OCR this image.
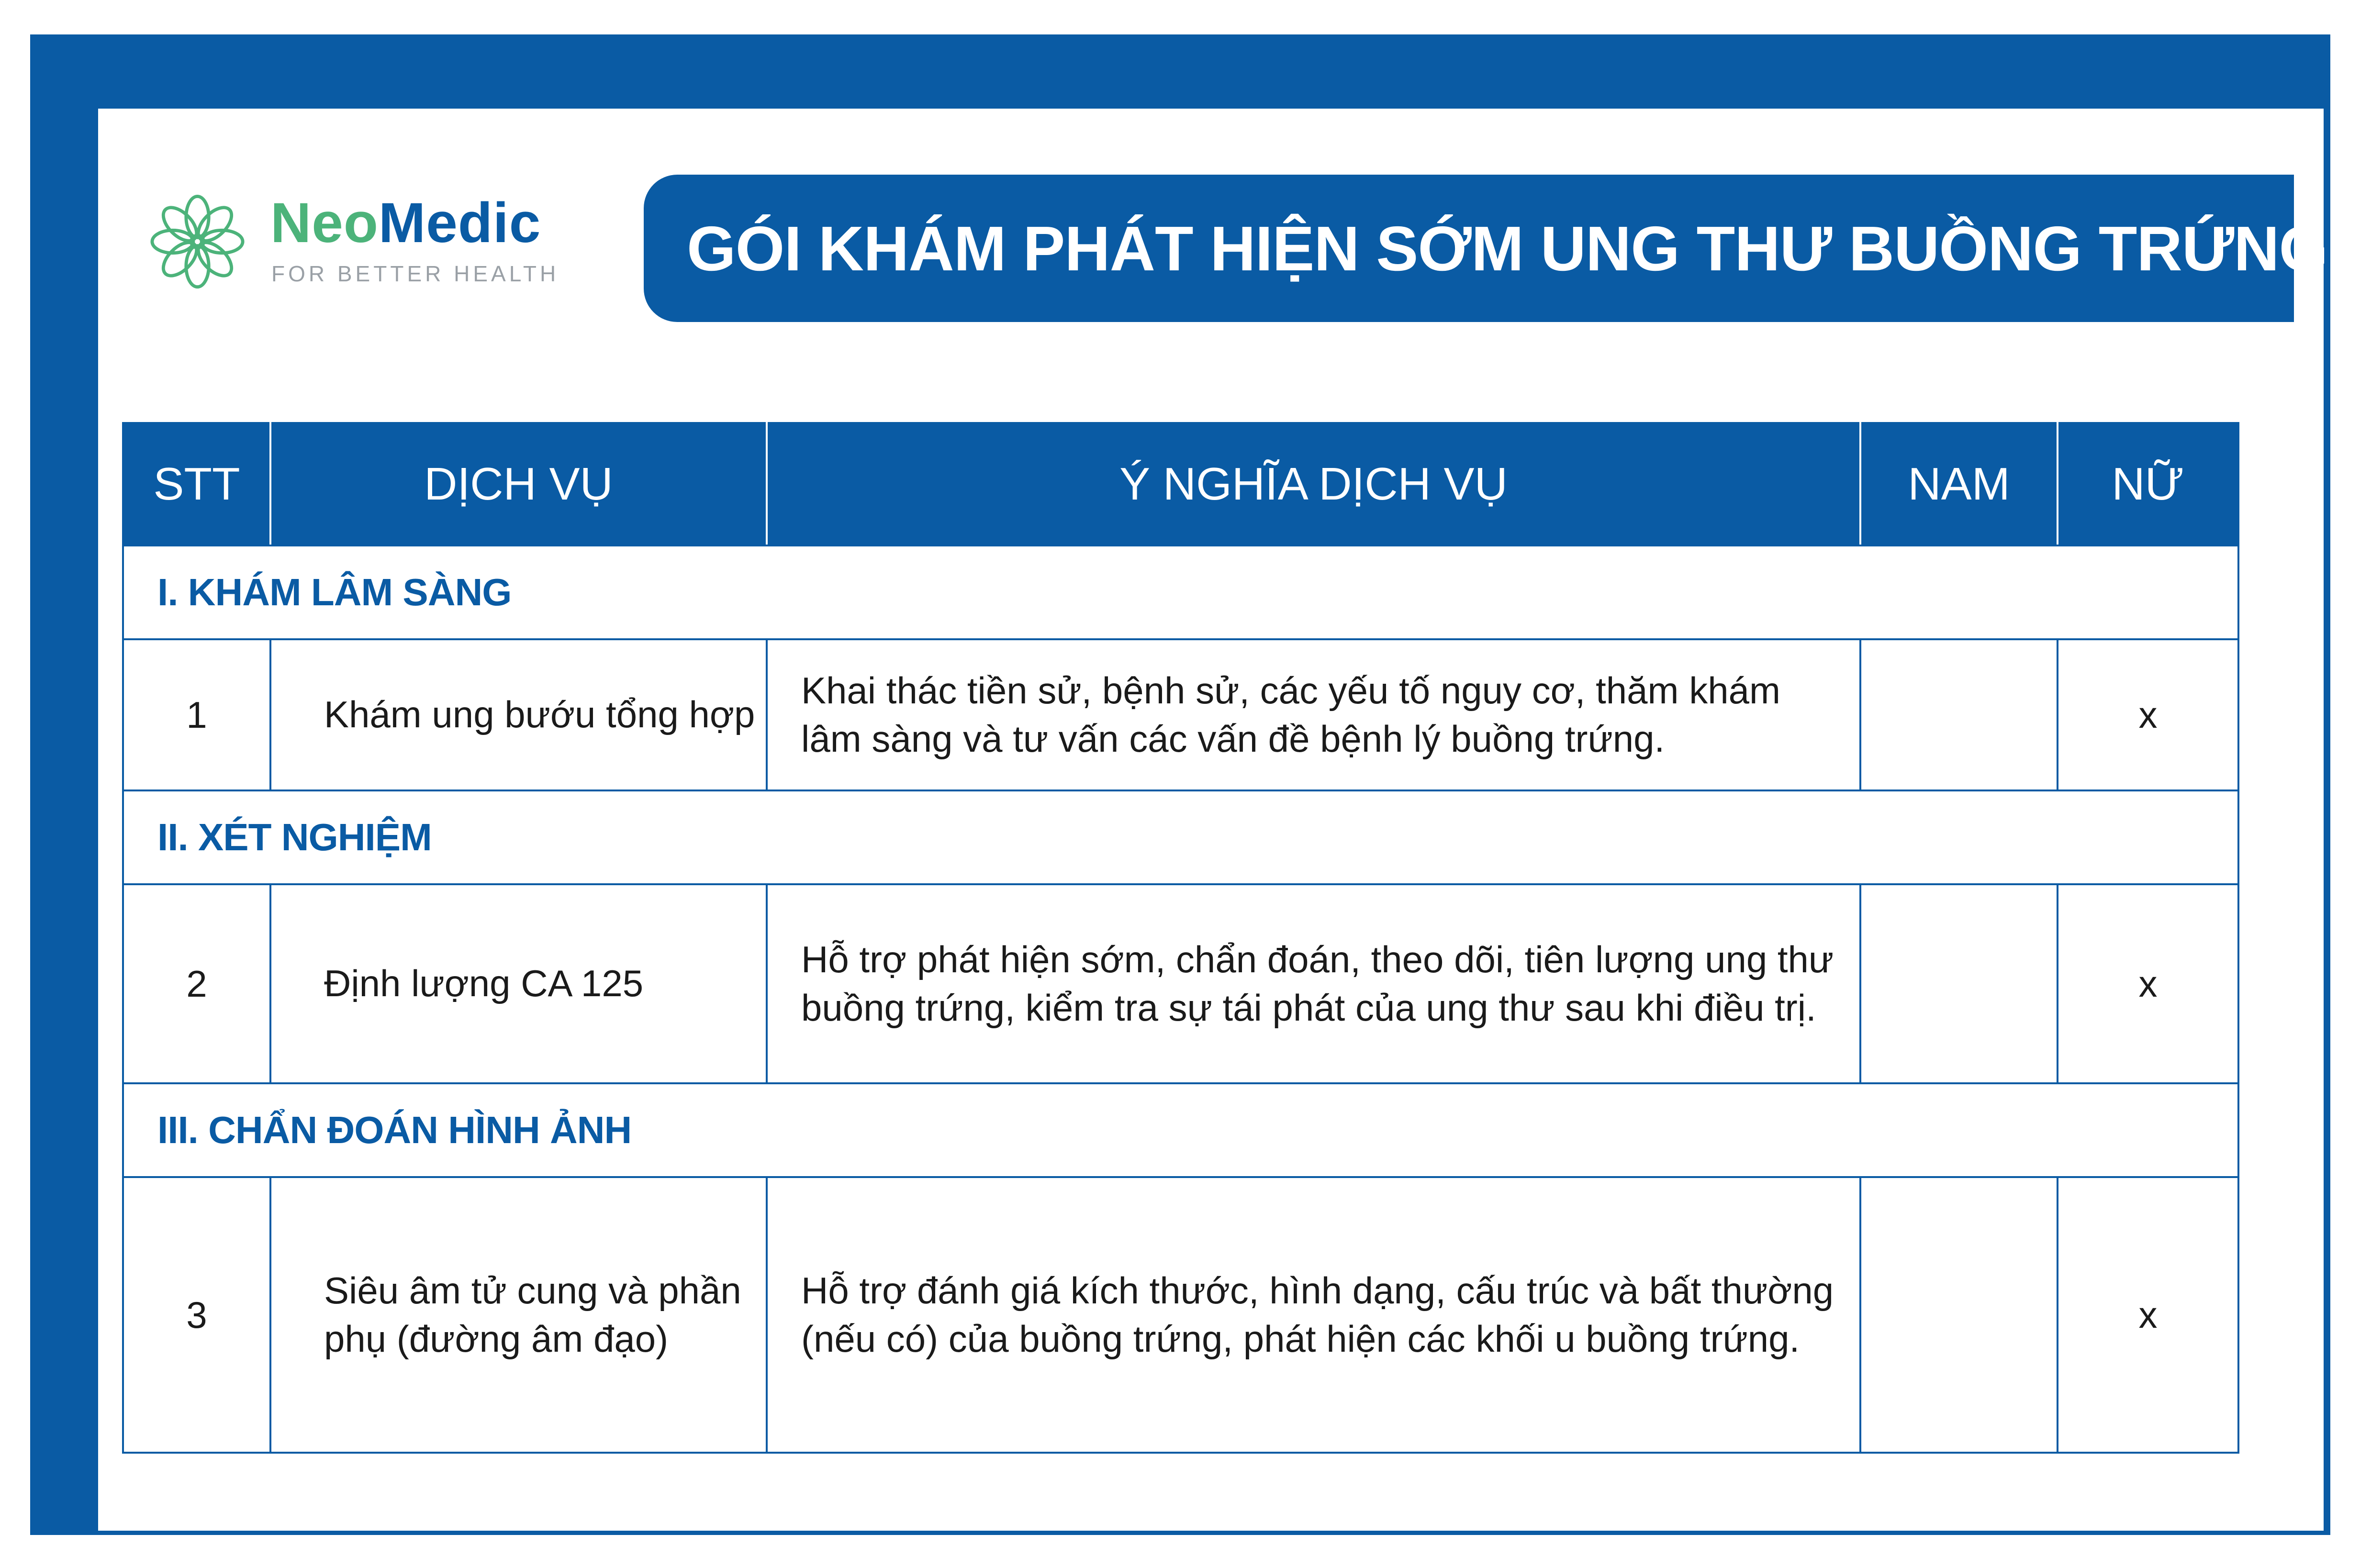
NeoMedic
FOR BETTER HEALTH	GÓI KHÁM PHÁT HIỆN SỚM UNG THƯ BUỒNG TRỨNG
STT	DỊCH VỤ	Ý NGHĨA DỊCH VỤ	NAM	NỮ
I. KHÁM LÂM SÀNG				
1	Khám ung bướu tổng hợp	Khai thác tiền sử, bệnh sử, các yếu tố nguy cơ, thăm khám lâm sàng và tư vấn các vấn đề bệnh lý buồng trứng.		x
II. XÉT NGHIỆM				
2	Định lượng CA 125	Hỗ trợ phát hiện sớm, chẩn đoán, theo dõi, tiên lượng ung thư buồng trứng, kiểm tra sự tái phát của ung thư sau khi điều trị.		x
III. CHẨN ĐOÁN HÌNH ẢNH				
3	Siêu âm tử cung và phần phụ (đường âm đạo)	Hỗ trợ đánh giá kích thước, hình dạng, cấu trúc và bất thường (nếu có) của buồng trứng, phát hiện các khối u buồng trứng.		x
